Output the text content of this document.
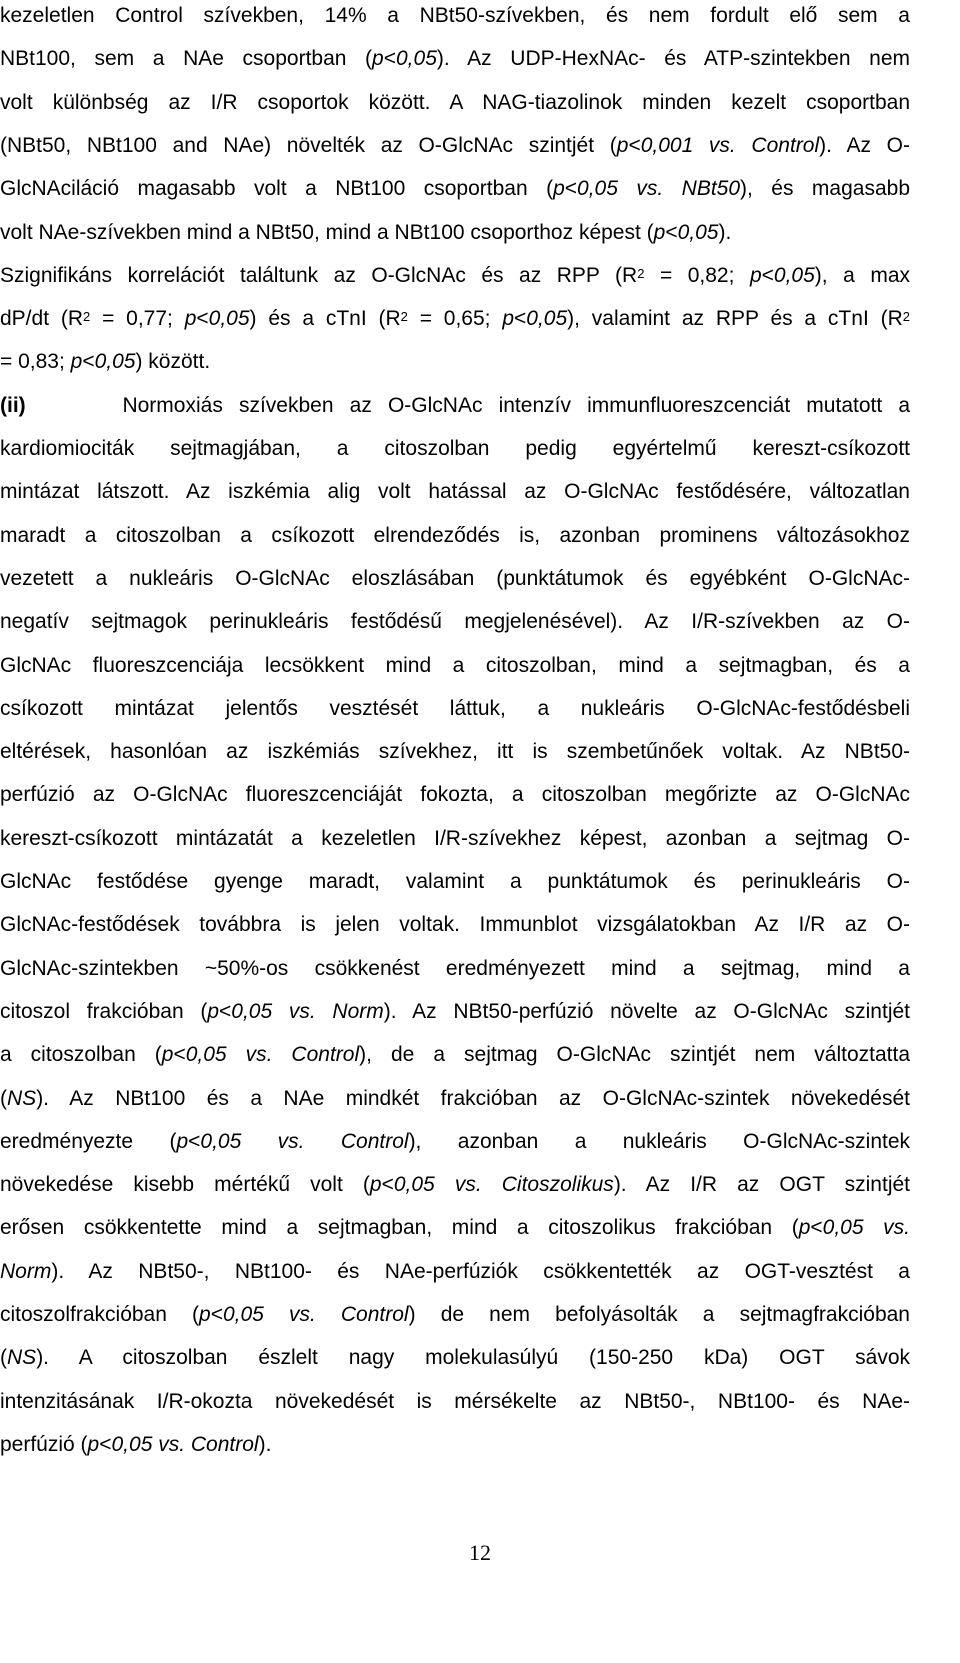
kezeletlen Control szívekben, 14% a NBt50-szívekben, és nem fordult elő sem a
NBt100, sem a NAe csoportban (p<0,05). Az UDP-HexNAc- és ATP-szintekben nem
volt különbség az I/R csoportok között. A NAG-tiazolinok minden kezelt csoportban
(NBt50, NBt100 and NAe) növelték az O-GlcNAc szintjét (p<0,001 vs. Control). Az O-
GlcNAciláció magasabb volt a NBt100 csoportban (p<0,05 vs. NBt50), és magasabb
volt NAe-szívekben mind a NBt50, mind a NBt100 csoporthoz képest (p<0,05).
Szignifikáns korrelációt találtunk az O-GlcNAc és az RPP ($R^2 = 0,82$; p<0,05), a max
dP/dt ($R^2 = 0,77$; p<0,05) és a cTnI ($R^2 = 0,65$; p<0,05), valamint az RPP és a cTnI ($R^2$
= 0,83; p<0,05) között.
(ii)      Normoxiás szívekben az O-GlcNAc intenzív immunfluoreszcenciát mutatott a
kardiomiociták sejtmagjában, a citoszolban pedig egyértelmű kereszt-csíkozott
mintázat látszott. Az iszkémia alig volt hatással az O-GlcNAc festődésére, változatlan
maradt a citoszolban a csíkozott elrendeződés is, azonban prominens változásokhoz
vezetett a nukleáris O-GlcNAc eloszlásában (punktátumok és egyébként O-GlcNAc-
negatív sejtmagok perinukleáris festődésű megjelenésével). Az I/R-szívekben az O-
GlcNAc fluoreszcenciája lecsökkent mind a citoszolban, mind a sejtmagban, és a
csíkozott mintázat jelentős vesztését láttuk, a nukleáris O-GlcNAc-festődésbeli
eltérések, hasonlóan az iszkémiás szívekhez, itt is szembetűnőek voltak. Az NBt50-
perfúzió az O-GlcNAc fluoreszcenciáját fokozta, a citoszolban megőrizte az O-GlcNAc
kereszt-csíkozott mintázatát a kezeletlen I/R-szívekhez képest, azonban a sejtmag O-
GlcNAc festődése gyenge maradt, valamint a punktátumok és perinukleáris O-
GlcNAc-festődések továbbra is jelen voltak. Immunblot vizsgálatokban Az I/R az O-
GlcNAc-szintekben ~50%-os csökkenést eredményezett mind a sejtmag, mind a
citoszol frakcióban (p<0,05 vs. Norm). Az NBt50-perfúzió növelte az O-GlcNAc szintjét
a citoszolban (p<0,05 vs. Control), de a sejtmag O-GlcNAc szintjét nem változtatta
(NS). Az NBt100 és a NAe mindkét frakcióban az O-GlcNAc-szintek növekedését
eredményezte (p<0,05 vs. Control), azonban a nukleáris O-GlcNAc-szintek
növekedése kisebb mértékű volt (p<0,05 vs. Citoszolikus). Az I/R az OGT szintjét
erősen csökkentette mind a sejtmagban, mind a citoszolikus frakcióban (p<0,05 vs.
Norm). Az NBt50-, NBt100- és NAe-perfúziók csökkentették az OGT-vesztést a
citoszolfrakcióban (p<0,05 vs. Control) de nem befolyásolták a sejtmagfrakcióban
(NS). A citoszolban észlelt nagy molekulasúlyú (150-250 kDa) OGT sávok
intenzitásának I/R-okozta növekedését is mérsékelte az NBt50-, NBt100- és NAe-
perfúzió (p<0,05 vs. Control).
12
